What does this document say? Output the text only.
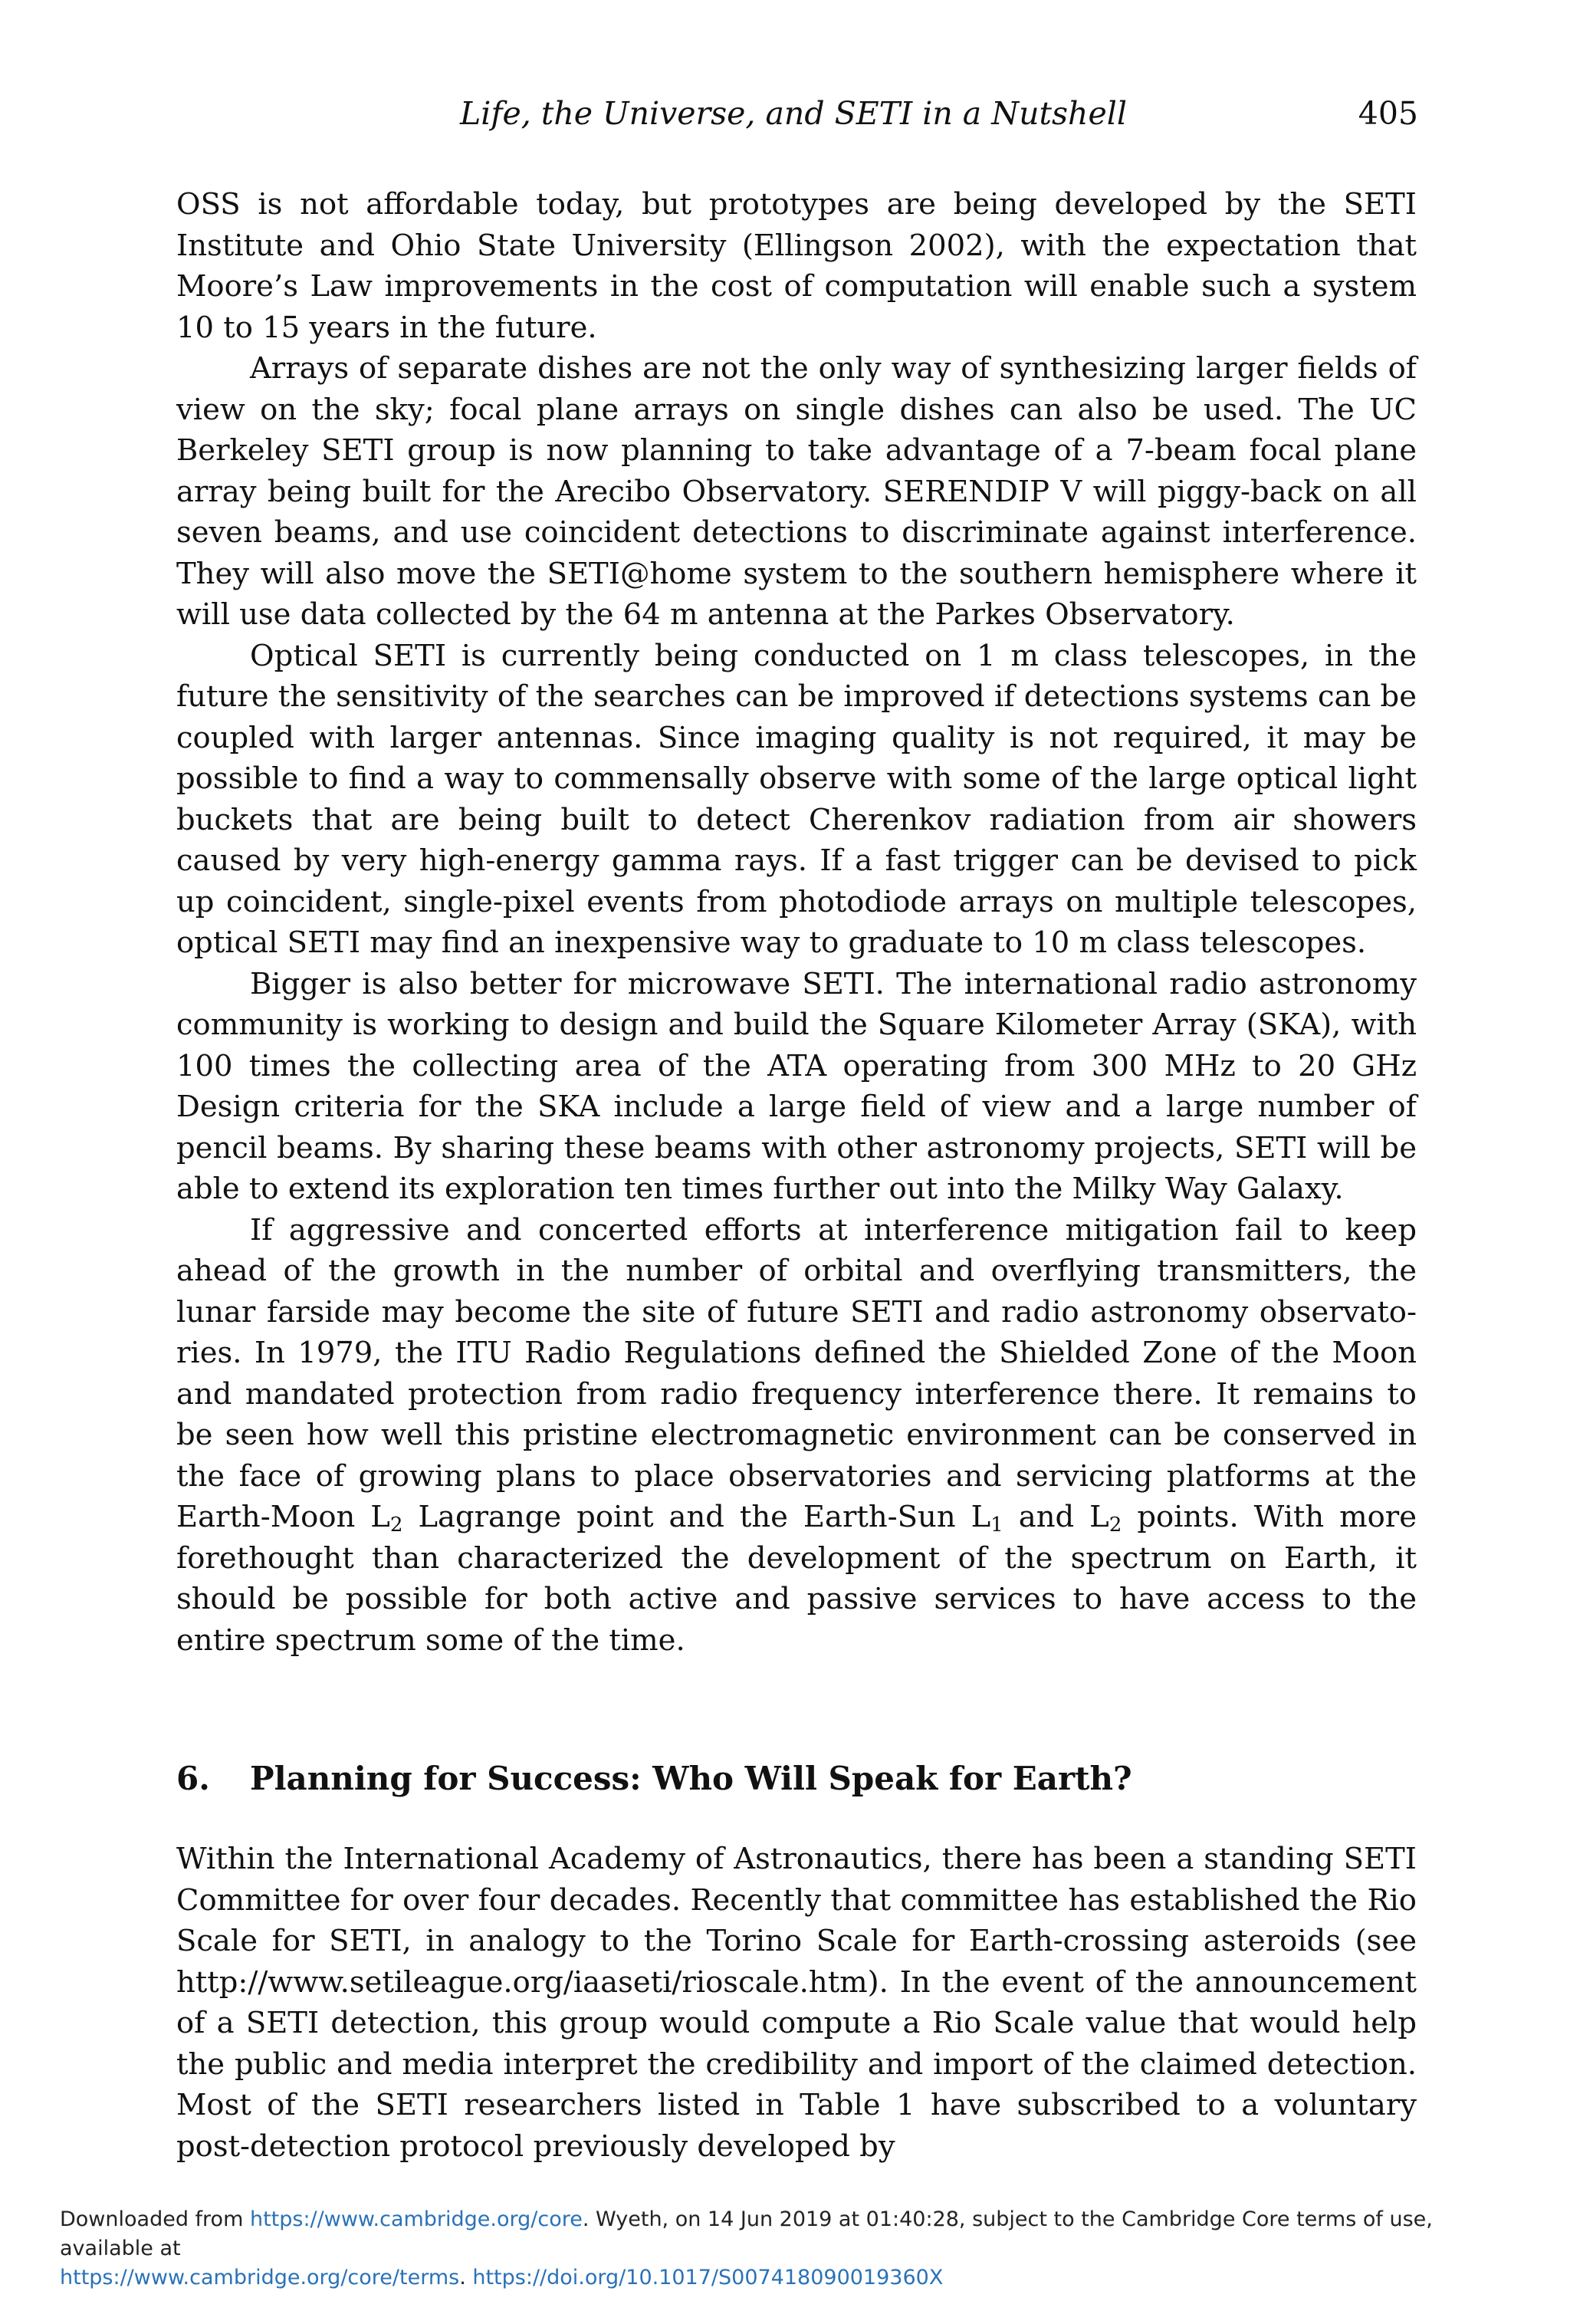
Life, the Universe, and SETI in a Nutshell	405

OSS is not affordable today, but prototypes are being developed by the SETI Institute and Ohio State University (Ellingson 2002), with the expectation that Moore’s Law improvements in the cost of computation will enable such a system 10 to 15 years in the future.

Arrays of separate dishes are not the only way of synthesizing larger fields of view on the sky; focal plane arrays on single dishes can also be used. The UC Berkeley SETI group is now planning to take advantage of a 7-beam focal plane array being built for the Arecibo Observatory. SERENDIP V will piggy-back on all seven beams, and use coincident detections to discriminate against interference. They will also move the SETI@home system to the southern hemisphere where it will use data collected by the 64 m antenna at the Parkes Observatory.

Optical SETI is currently being conducted on 1 m class telescopes, in the future the sensitivity of the searches can be improved if detections systems can be coupled with larger antennas. Since imaging quality is not required, it may be possible to find a way to commensally observe with some of the large optical light buckets that are being built to detect Cherenkov radiation from air showers caused by very high-energy gamma rays. If a fast trigger can be devised to pick up coincident, single-pixel events from photodiode arrays on multiple telescopes, optical SETI may find an inexpensive way to graduate to 10 m class telescopes.

Bigger is also better for microwave SETI. The international radio astronomy community is working to design and build the Square Kilometer Array (SKA), with 100 times the collecting area of the ATA operating from 300 MHz to 20 GHz Design criteria for the SKA include a large field of view and a large number of pencil beams. By sharing these beams with other astronomy projects, SETI will be able to extend its exploration ten times further out into the Milky Way Galaxy.

If aggressive and concerted efforts at interference mitigation fail to keep ahead of the growth in the number of orbital and overflying transmitters, the lunar farside may become the site of future SETI and radio astronomy observatories. In 1979, the ITU Radio Regulations defined the Shielded Zone of the Moon and mandated protection from radio frequency interference there. It remains to be seen how well this pristine electromagnetic environment can be conserved in the face of growing plans to place observatories and servicing platforms at the Earth-Moon $L_2$ Lagrange point and the Earth-Sun $L_1$ and $L_2$ points. With more forethought than characterized the development of the spectrum on Earth, it should be possible for both active and passive services to have access to the entire spectrum some of the time.

6. Planning for Success: Who Will Speak for Earth?

Within the International Academy of Astronautics, there has been a standing SETI Committee for over four decades. Recently that committee has established the Rio Scale for SETI, in analogy to the Torino Scale for Earth-crossing asteroids (see http://www.setileague.org/iaaseti/rioscale.htm). In the event of the announcement of a SETI detection, this group would compute a Rio Scale value that would help the public and media interpret the credibility and import of the claimed detection. Most of the SETI researchers listed in Table 1 have subscribed to a voluntary post-detection protocol previously developed by

Downloaded from https://www.cambridge.org/core. Wyeth, on 14 Jun 2019 at 01:40:28, subject to the Cambridge Core terms of use, available at
https://www.cambridge.org/core/terms. https://doi.org/10.1017/S007418090019360X
